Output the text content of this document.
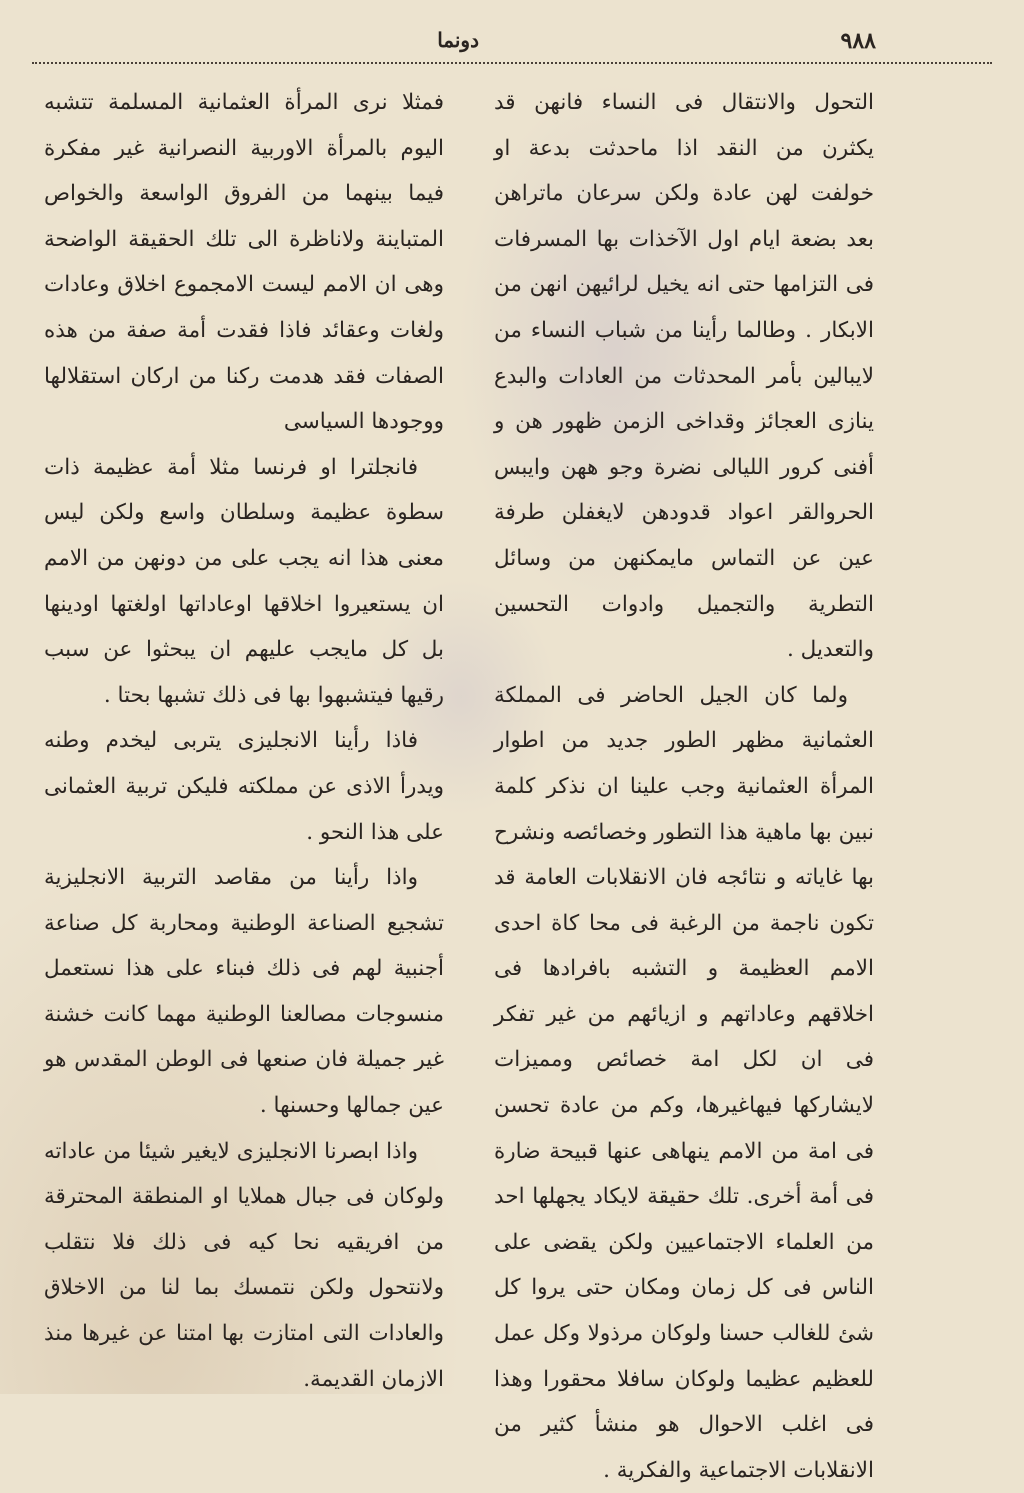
٩٨٨
دونما

التحول والانتقال فى النساء فانهن قد يكثرن من النقد اذا ماحدثت بدعة او خولفت لهن عادة ولكن سرعان ماتراهن بعد بضعة ايام اول الآخذات بها المسرفات فى التزامها حتى انه يخيل لرائيهن انهن من الابكار . وطالما رأينا من شباب النساء من لايبالين بأمر المحدثات من العادات والبدع ينازى العجائز وقداخى الزمن ظهور هن و أفنى كرور الليالى نضرة وجو ههن وايبس الحروالقر اعواد قدودهن لايغفلن طرفة عين عن التماس مايمكنهن من وسائل التطرية والتجميل وادوات التحسين والتعديل .

ولما كان الجيل الحاضر فى المملكة العثمانية مظهر الطور جديد من اطوار المرأة العثمانية وجب علينا ان نذكر كلمة نبين بها ماهية هذا التطور وخصائصه ونشرح بها غاياته و نتائجه فان الانقلابات العامة قد تكون ناجمة من الرغبة فى محا كاة احدى الامم العظيمة و التشبه بافرادها فى اخلاقهم وعاداتهم و ازيائهم من غير تفكر فى ان لكل امة خصائص ومميزات لايشاركها فيهاغيرها، وكم من عادة تحسن فى امة من الامم ينهاهى عنها قبيحة ضارة فى أمة أخرى. تلك حقيقة لايكاد يجهلها احد من العلماء الاجتماعيين ولكن يقضى على الناس فى كل زمان ومكان حتى يروا كل شئ للغالب حسنا ولوكان مرذولا وكل عمل للعظيم عظيما ولوكان سافلا محقورا وهذا فى اغلب الاحوال هو منشأ كثير من الانقلابات الاجتماعية والفكرية .

فمثلا نرى المرأة العثمانية المسلمة تتشبه اليوم بالمرأة الاوربية النصرانية غير مفكرة فيما بينهما من الفروق الواسعة والخواص المتباينة ولاناظرة الى تلك الحقيقة الواضحة وهى ان الامم ليست الامجموع اخلاق وعادات ولغات وعقائد فاذا فقدت أمة صفة من هذه الصفات فقد هدمت ركنا من اركان استقلالها ووجودها السياسى

فانجلترا او فرنسا مثلا أمة عظيمة ذات سطوة عظيمة وسلطان واسع ولكن ليس معنى هذا انه يجب على من دونهن من الامم ان يستعيروا اخلاقها اوعاداتها اولغتها اودينها بل كل مايجب عليهم ان يبحثوا عن سبب رقيها فيتشبهوا بها فى ذلك تشبها بحتا .

فاذا رأينا الانجليزى يتربى ليخدم وطنه ويدرأ الاذى عن مملكته فليكن تربية العثمانى على هذا النحو .

واذا رأينا من مقاصد التربية الانجليزية تشجيع الصناعة الوطنية ومحاربة كل صناعة أجنبية لهم فى ذلك فبناء على هذا نستعمل منسوجات مصالعنا الوطنية مهما كانت خشنة غير جميلة فان صنعها فى الوطن المقدس هو عين جمالها وحسنها .

واذا ابصرنا الانجليزى لايغير شيئا من عاداته ولوكان فى جبال هملايا او المنطقة المحترقة من افريقيه نحا كيه فى ذلك فلا نتقلب ولانتحول ولكن نتمسك بما لنا من الاخلاق والعادات التى امتازت بها امتنا عن غيرها منذ الازمان القديمة.
